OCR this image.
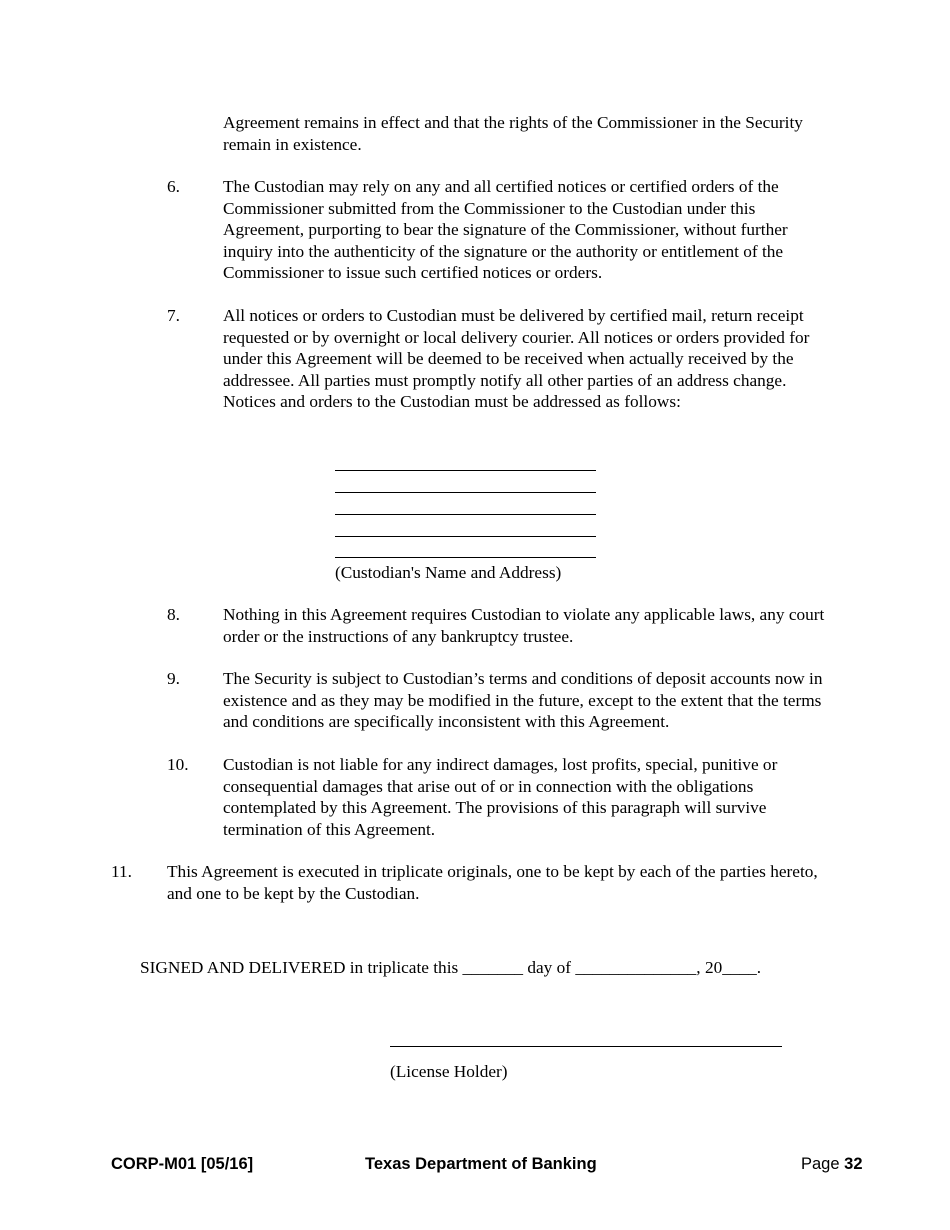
Agreement remains in effect and that the rights of the Commissioner in the Security remain in existence.

6. The Custodian may rely on any and all certified notices or certified orders of the Commissioner submitted from the Commissioner to the Custodian under this Agreement, purporting to bear the signature of the Commissioner, without further inquiry into the authenticity of the signature or the authority or entitlement of the Commissioner to issue such certified notices or orders.

7. All notices or orders to Custodian must be delivered by certified mail, return receipt requested or by overnight or local delivery courier. All notices or orders provided for under this Agreement will be deemed to be received when actually received by the addressee. All parties must promptly notify all other parties of an address change. Notices and orders to the Custodian must be addressed as follows:

(Custodian's Name and Address)

8. Nothing in this Agreement requires Custodian to violate any applicable laws, any court order or the instructions of any bankruptcy trustee.

9. The Security is subject to Custodian’s terms and conditions of deposit accounts now in existence and as they may be modified in the future, except to the extent that the terms and conditions are specifically inconsistent with this Agreement.

10. Custodian is not liable for any indirect damages, lost profits, special, punitive or consequential damages that arise out of or in connection with the obligations contemplated by this Agreement. The provisions of this paragraph will survive termination of this Agreement.

11. This Agreement is executed in triplicate originals, one to be kept by each of the parties hereto, and one to be kept by the Custodian.

SIGNED AND DELIVERED in triplicate this _______ day of ______________, 20____.

(License Holder)

CORP-M01 [05/16]	Texas Department of Banking	Page 32
